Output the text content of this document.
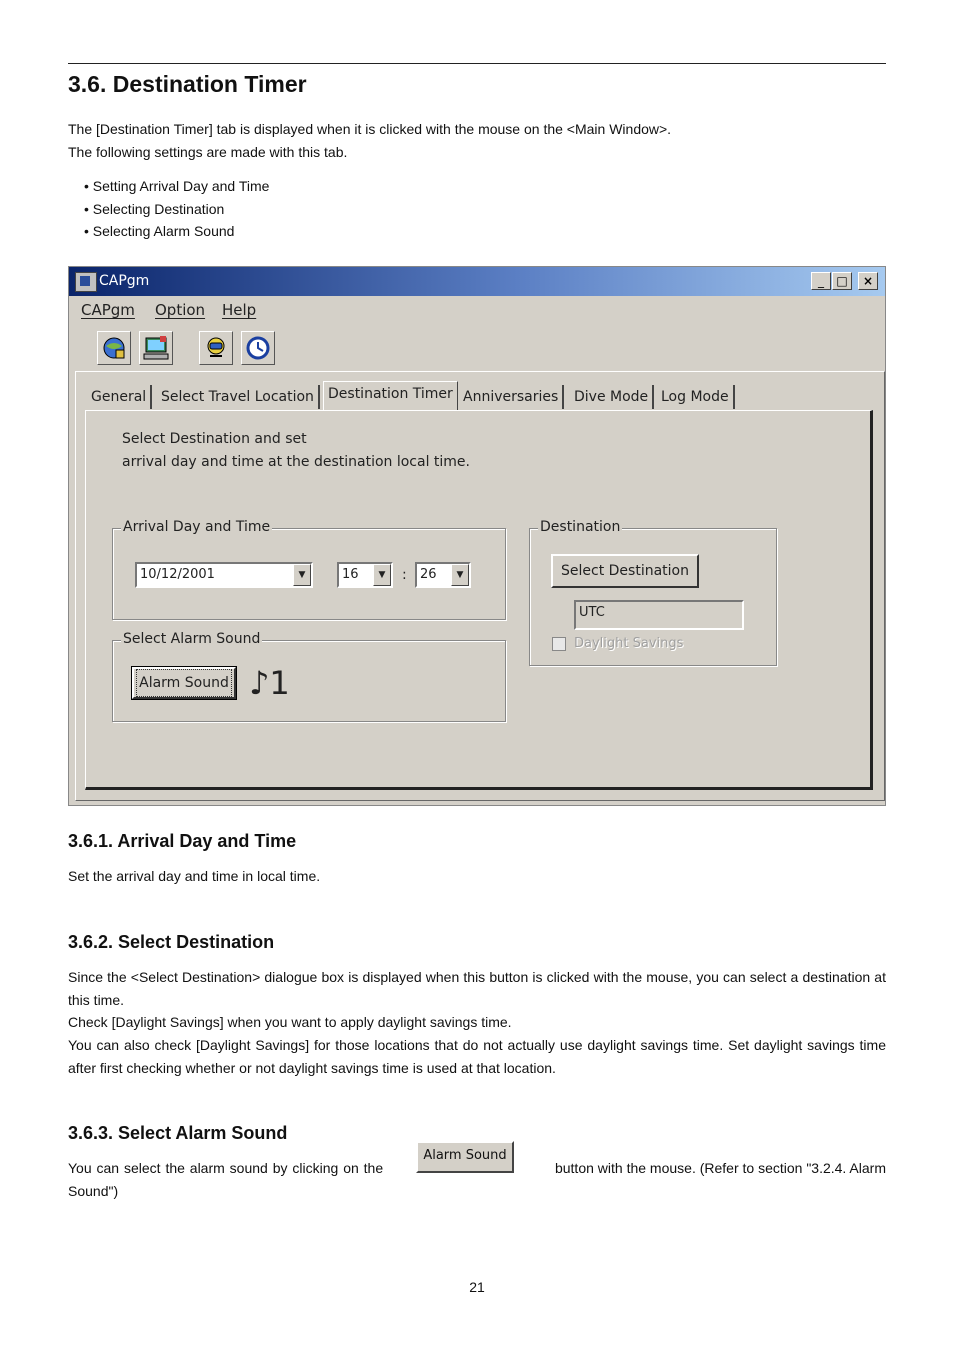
3.6. Destination Timer

The [Destination Timer] tab is displayed when it is clicked with the mouse on the <Main Window>.

The following settings are made with this tab.

• Setting Arrival Day and Time
• Selecting Destination
• Selecting Alarm Sound
CAPgm	_	□	×
CAPgm Option Help
General	Select Travel Location	Destination Timer Anniversaries	Dive Mode Log Mode
Select Destination and set
arrival day and time at the destination local time.
Arrival Day and Time
10/12/2001	▼	16	▼	:	26	▼
Select Alarm Sound
Alarm Sound ♪1
Destination
Select Destination
UTC
Daylight Savings
3.6.1. Arrival Day and Time

Set the arrival day and time in local time.

3.6.2. Select Destination

Since the <Select Destination> dialogue box is displayed when this button is clicked with the mouse, you can select a destination at this time.

Check [Daylight Savings] when you want to apply daylight savings time.

You can also check [Daylight Savings] for those locations that do not actually use daylight savings time. Set daylight savings time after first checking whether or not daylight savings time is used at that location.

3.6.3. Select Alarm Sound
You can select the alarm sound by clicking on the
Alarm Sound
button with the mouse. (Refer to section "3.2.4. Alarm
Sound")
21
